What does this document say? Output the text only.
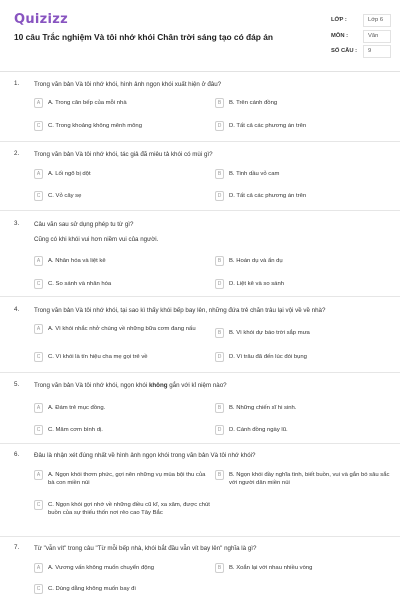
Quizizz
10 câu Trắc nghiệm Và tôi nhớ khói Chân trời sáng tạo có đáp án
LỚP :	Lớp 6
MÔN :	Văn
SỐ CÂU :	9
1. Trong văn bản Và tôi nhớ khói, hình ảnh ngọn khói xuất hiện ở đâu?
A	A. Trong căn bếp của mỗi nhà	B	B. Trên cánh đồng
C	C. Trong khoảng không mênh mông	D	D. Tất cả các phương án trên
2. Trong văn bản Và tôi nhớ khói, tác giả đã miêu tả khói có mùi gì?
A	A. Lối ngõ bị dột	B	B. Tinh dầu vỏ cam
C	C. Vỏ cây sẹ	D	D. Tất cả các phương án trên
3. Câu văn sau sử dụng phép tu từ gì?
Cũng có khi khói vui hơn niềm vui của người.
A	A. Nhân hóa và liệt kê	B	B. Hoán dụ và ẩn dụ
C	C. So sánh và nhân hóa	D	D. Liệt kê và so sánh
4. Trong văn bản Và tôi nhớ khói, tại sao kì thấy khói bếp bay lên, những đứa trẻ chăn trâu lại vội về về nhà?
A	A. Vì khói nhắc nhở chúng về những bữa cơm đang nấu
B	B. Vì khói dự báo trời sắp mưa
C	C. Vì khói là tín hiệu cha mẹ gọi trẻ về	D	D. Vì trâu đã đến lúc đói bụng
5. Trong văn bản Và tôi nhớ khói, ngọn khói không gắn với kỉ niệm nào?
A	A. Đám trẻ mục đồng.	B	B. Những chiến sĩ hi sinh.
C	C. Mâm cơm bình dị.	D	D. Cánh đồng ngày lũ.
6. Đâu là nhận xét đúng nhất về hình ảnh ngọn khói trong văn bản Và tôi nhớ khói?
A	A. Ngọn khói thơm phức, gợi nên những vụ mùa bội thu của bà con miền núi
B	B. Ngọn khói đầy nghĩa tình, biết buồn, vui và gắn bó sâu sắc với người dân miền núi
C	C. Ngọn khói gợi nhớ về những điều cũ kĩ, xa xăm, được chút buồn của sự thiếu thốn nơi rẻo cao Tây Bắc
7. Từ "vẫn vít" trong câu "Từ mỗi bếp nhà, khói bắt đầu vẫn vít bay lên" nghĩa là gì?
A	A. Vương vấn không muốn chuyển động	B	B. Xoắn lại với nhau nhiều vòng
C	C. Dùng dằng không muốn bay đi
